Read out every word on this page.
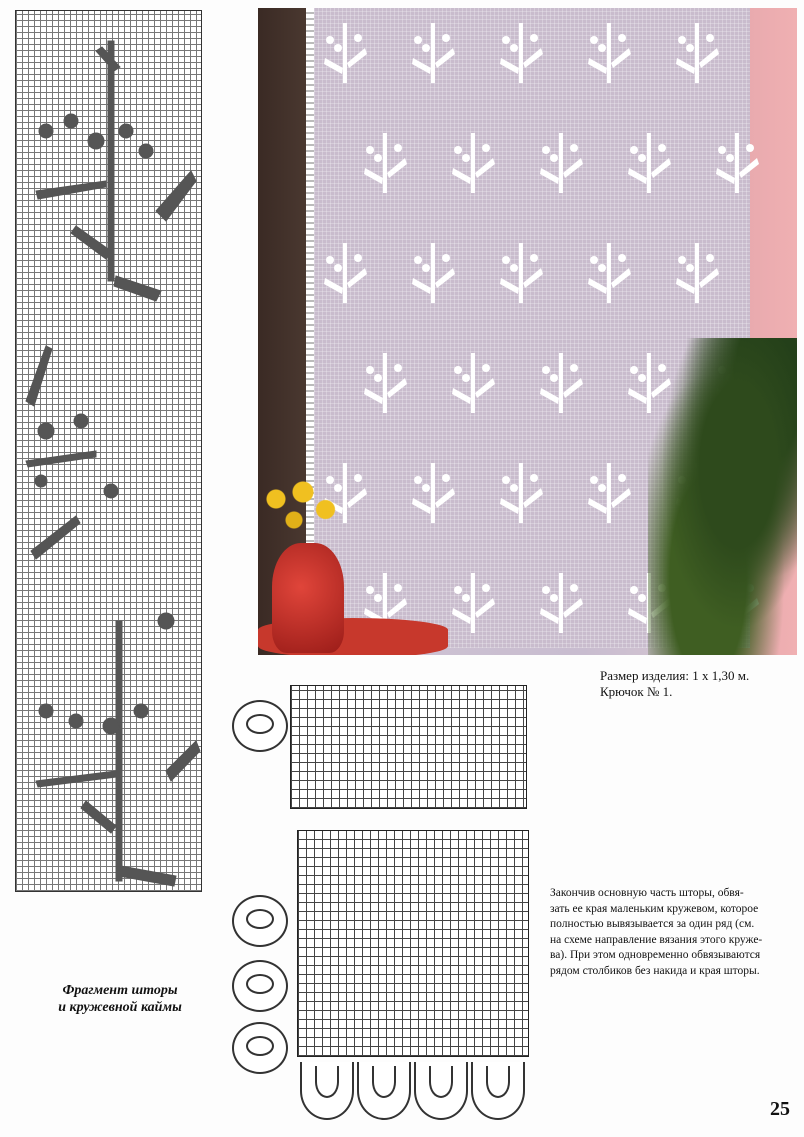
Размер изделия: 1 х 1,30 м.
Крючок № 1.
Закончив основную часть шторы, обвя-
зать ее края маленьким кружевом, которое
полностью вывязывается за один ряд (см.
на схеме направление вязания этого круже-
ва). При этом одновременно обвязываются
рядом столбиков без накида и края шторы.
Фрагмент шторы
и кружевной каймы
25
